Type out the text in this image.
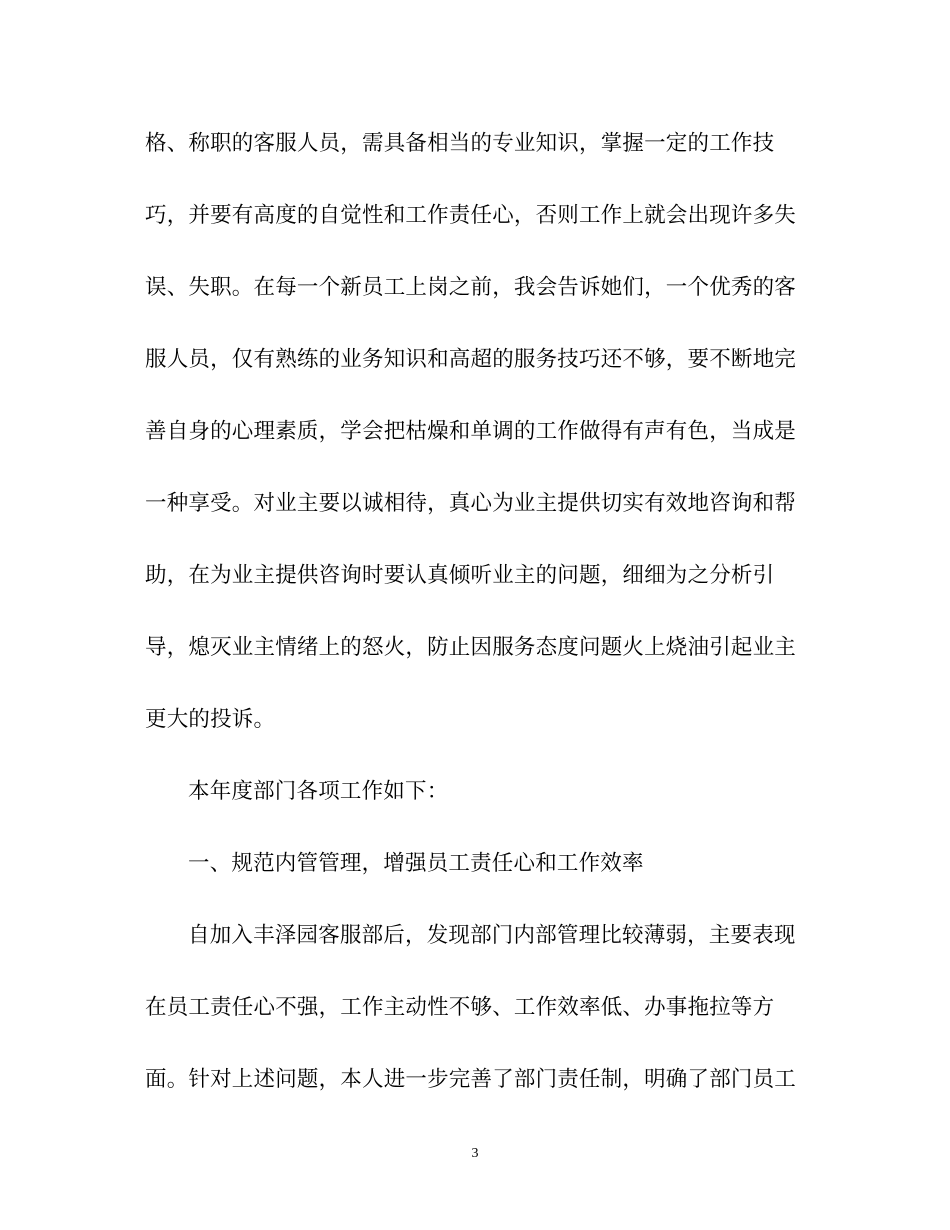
格、称职的客服人员，需具备相当的专业知识，掌握一定的工作技
巧，并要有高度的自觉性和工作责任心，否则工作上就会出现许多失
误、失职。在每一个新员工上岗之前，我会告诉她们，一个优秀的客
服人员，仅有熟练的业务知识和高超的服务技巧还不够，要不断地完
善自身的心理素质，学会把枯燥和单调的工作做得有声有色，当成是
一种享受。对业主要以诚相待，真心为业主提供切实有效地咨询和帮
助，在为业主提供咨询时要认真倾听业主的问题，细细为之分析引
导，熄灭业主情绪上的怒火，防止因服务态度问题火上烧油引起业主
更大的投诉。
本年度部门各项工作如下：
一、规范内管管理，增强员工责任心和工作效率
自加入丰泽园客服部后，发现部门内部管理比较薄弱，主要表现
在员工责任心不强，工作主动性不够、工作效率低、办事拖拉等方
面。针对上述问题，本人进一步完善了部门责任制，明确了部门员工
3
